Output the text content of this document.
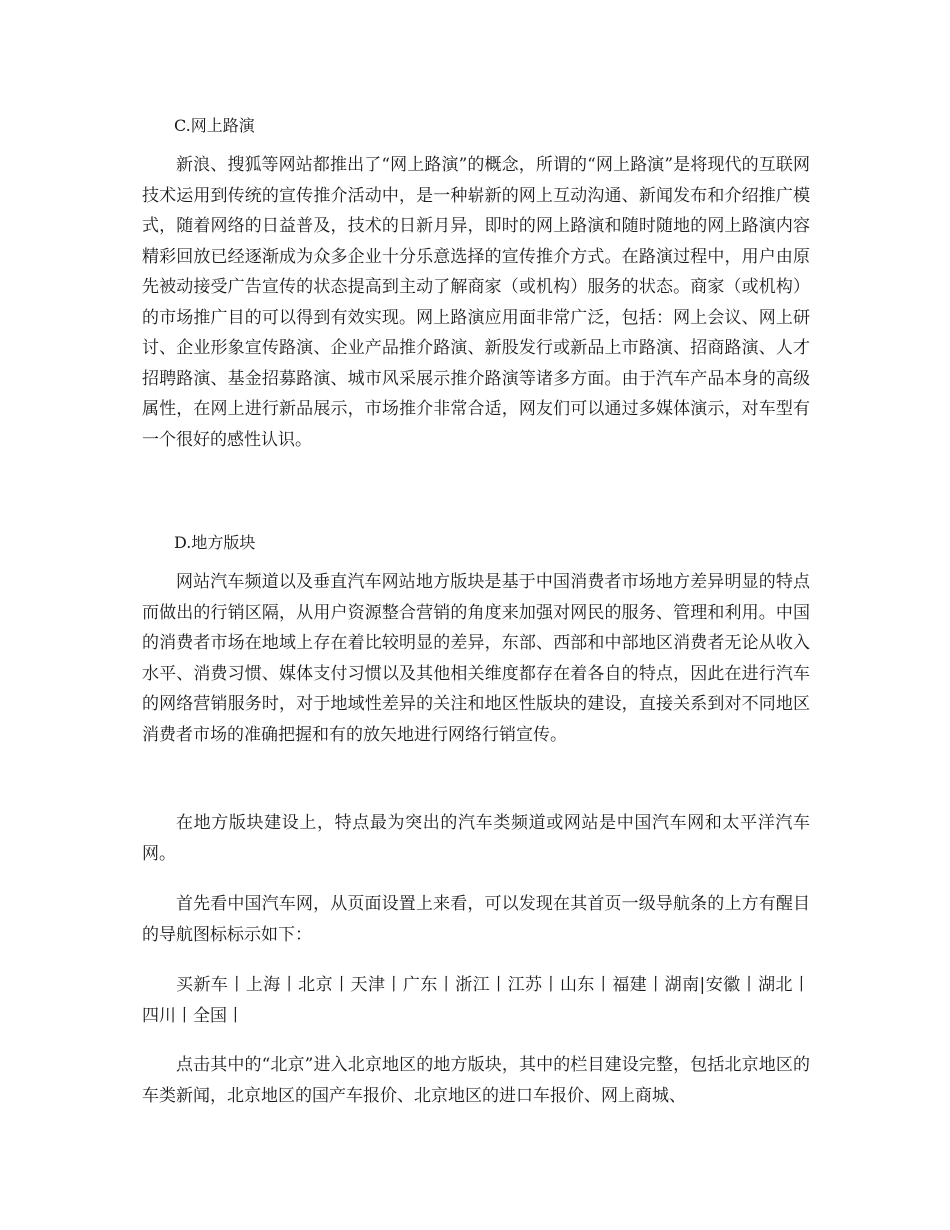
C.网上路演

新浪、搜狐等网站都推出了“网上路演”的概念，所谓的“网上路演”是将现代的互联网技术运用到传统的宣传推介活动中，是一种崭新的网上互动沟通、新闻发布和介绍推广模式，随着网络的日益普及，技术的日新月异，即时的网上路演和随时随地的网上路演内容精彩回放已经逐渐成为众多企业十分乐意选择的宣传推介方式。在路演过程中，用户由原先被动接受广告宣传的状态提高到主动了解商家（或机构）服务的状态。商家（或机构）的市场推广目的可以得到有效实现。网上路演应用面非常广泛，包括：网上会议、网上研讨、企业形象宣传路演、企业产品推介路演、新股发行或新品上市路演、招商路演、人才招聘路演、基金招募路演、城市风采展示推介路演等诸多方面。由于汽车产品本身的高级属性，在网上进行新品展示，市场推介非常合适，网友们可以通过多媒体演示，对车型有一个很好的感性认识。

D.地方版块

网站汽车频道以及垂直汽车网站地方版块是基于中国消费者市场地方差异明显的特点而做出的行销区隔，从用户资源整合营销的角度来加强对网民的服务、管理和利用。中国的消费者市场在地域上存在着比较明显的差异，东部、西部和中部地区消费者无论从收入水平、消费习惯、媒体支付习惯以及其他相关维度都存在着各自的特点，因此在进行汽车的网络营销服务时，对于地域性差异的关注和地区性版块的建设，直接关系到对不同地区消费者市场的准确把握和有的放矢地进行网络行销宣传。

在地方版块建设上，特点最为突出的汽车类频道或网站是中国汽车网和太平洋汽车网。

首先看中国汽车网，从页面设置上来看，可以发现在其首页一级导航条的上方有醒目的导航图标标示如下：

买新车丨上海丨北京丨天津丨广东丨浙江丨江苏丨山东丨福建丨湖南|安徽丨湖北丨四川丨全国丨

点击其中的“北京”进入北京地区的地方版块，其中的栏目建设完整，包括北京地区的车类新闻，北京地区的国产车报价、北京地区的进口车报价、网上商城、
